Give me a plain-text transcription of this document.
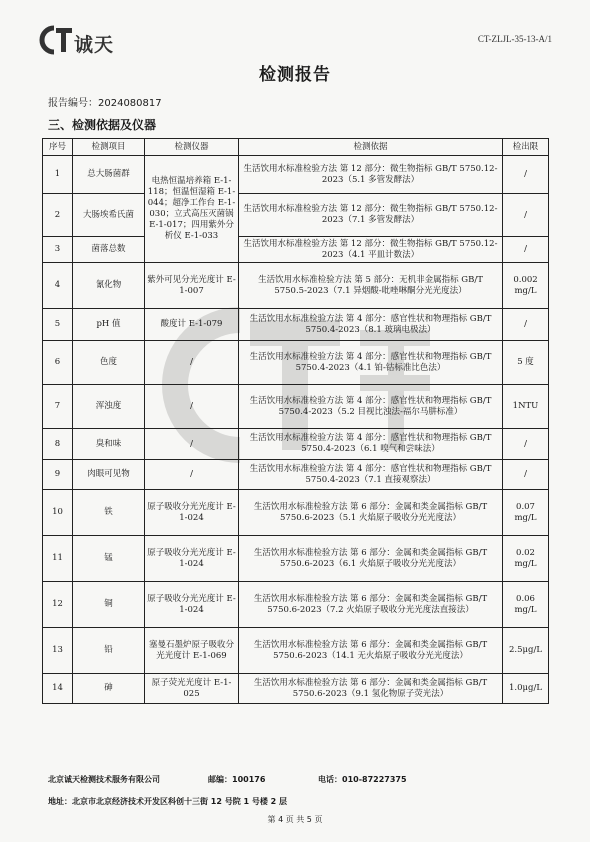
诚天	CT-ZLJL-35-13-A/1
检测报告
报告编号：2024080817
三、检测依据及仪器
序号	检测项目	检测仪器	检测依据	检出限
1	总大肠菌群	电热恒温培养箱 E-1-118；恒温恒湿箱 E-1-044；超净工作台 E-1-030；立式高压灭菌锅 E-1-017；四用紫外分析仪 E-1-033	生活饮用水标准检验方法 第 12 部分：微生物指标 GB/T 5750.12-2023（5.1 多管发酵法）	/
2	大肠埃希氏菌		生活饮用水标准检验方法 第 12 部分：微生物指标 GB/T 5750.12-2023（7.1 多管发酵法）	/
3	菌落总数		生活饮用水标准检验方法 第 12 部分：微生物指标 GB/T 5750.12-2023（4.1 平皿计数法）	/
4	氰化物	紫外可见分光光度计 E-1-007	生活饮用水标准检验方法 第 5 部分：无机非金属指标 GB/T 5750.5-2023（7.1 异烟酸-吡唑啉酮分光光度法）	0.002 mg/L
5	pH 值	酸度计 E-1-079	生活饮用水标准检验方法 第 4 部分：感官性状和物理指标 GB/T 5750.4-2023（8.1 玻璃电极法）	/
6	色度	/	生活饮用水标准检验方法 第 4 部分：感官性状和物理指标 GB/T 5750.4-2023（4.1 铂-钴标准比色法）	5 度
7	浑浊度	/	生活饮用水标准检验方法 第 4 部分：感官性状和物理指标 GB/T 5750.4-2023（5.2 目视比浊法-福尔马肼标准）	1NTU
8	臭和味	/	生活饮用水标准检验方法 第 4 部分：感官性状和物理指标 GB/T 5750.4-2023（6.1 嗅气和尝味法）	/
9	肉眼可见物	/	生活饮用水标准检验方法 第 4 部分：感官性状和物理指标 GB/T 5750.4-2023（7.1 直接观察法）	/
10	铁	原子吸收分光光度计 E-1-024	生活饮用水标准检验方法 第 6 部分：金属和类金属指标 GB/T 5750.6-2023（5.1 火焰原子吸收分光光度法）	0.07 mg/L
11	锰	原子吸收分光光度计 E-1-024	生活饮用水标准检验方法 第 6 部分：金属和类金属指标 GB/T 5750.6-2023（6.1 火焰原子吸收分光光度法）	0.02 mg/L
12	铜	原子吸收分光光度计 E-1-024	生活饮用水标准检验方法 第 6 部分：金属和类金属指标 GB/T 5750.6-2023（7.2 火焰原子吸收分光光度法直接法）	0.06 mg/L
13	铅	塞曼石墨炉原子吸收分光光度计 E-1-069	生活饮用水标准检验方法 第 6 部分：金属和类金属指标 GB/T 5750.6-2023（14.1 无火焰原子吸收分光光度法）	2.5μg/L
14	砷	原子荧光光度计 E-1-025	生活饮用水标准检验方法 第 6 部分：金属和类金属指标 GB/T 5750.6-2023（9.1 氢化物原子荧光法）	1.0μg/L
北京诚天检测技术服务有限公司	邮编：100176	电话：010-87227375
地址：北京市北京经济技术开发区科创十三街 12 号院 1 号楼 2 层
第 4 页 共 5 页
